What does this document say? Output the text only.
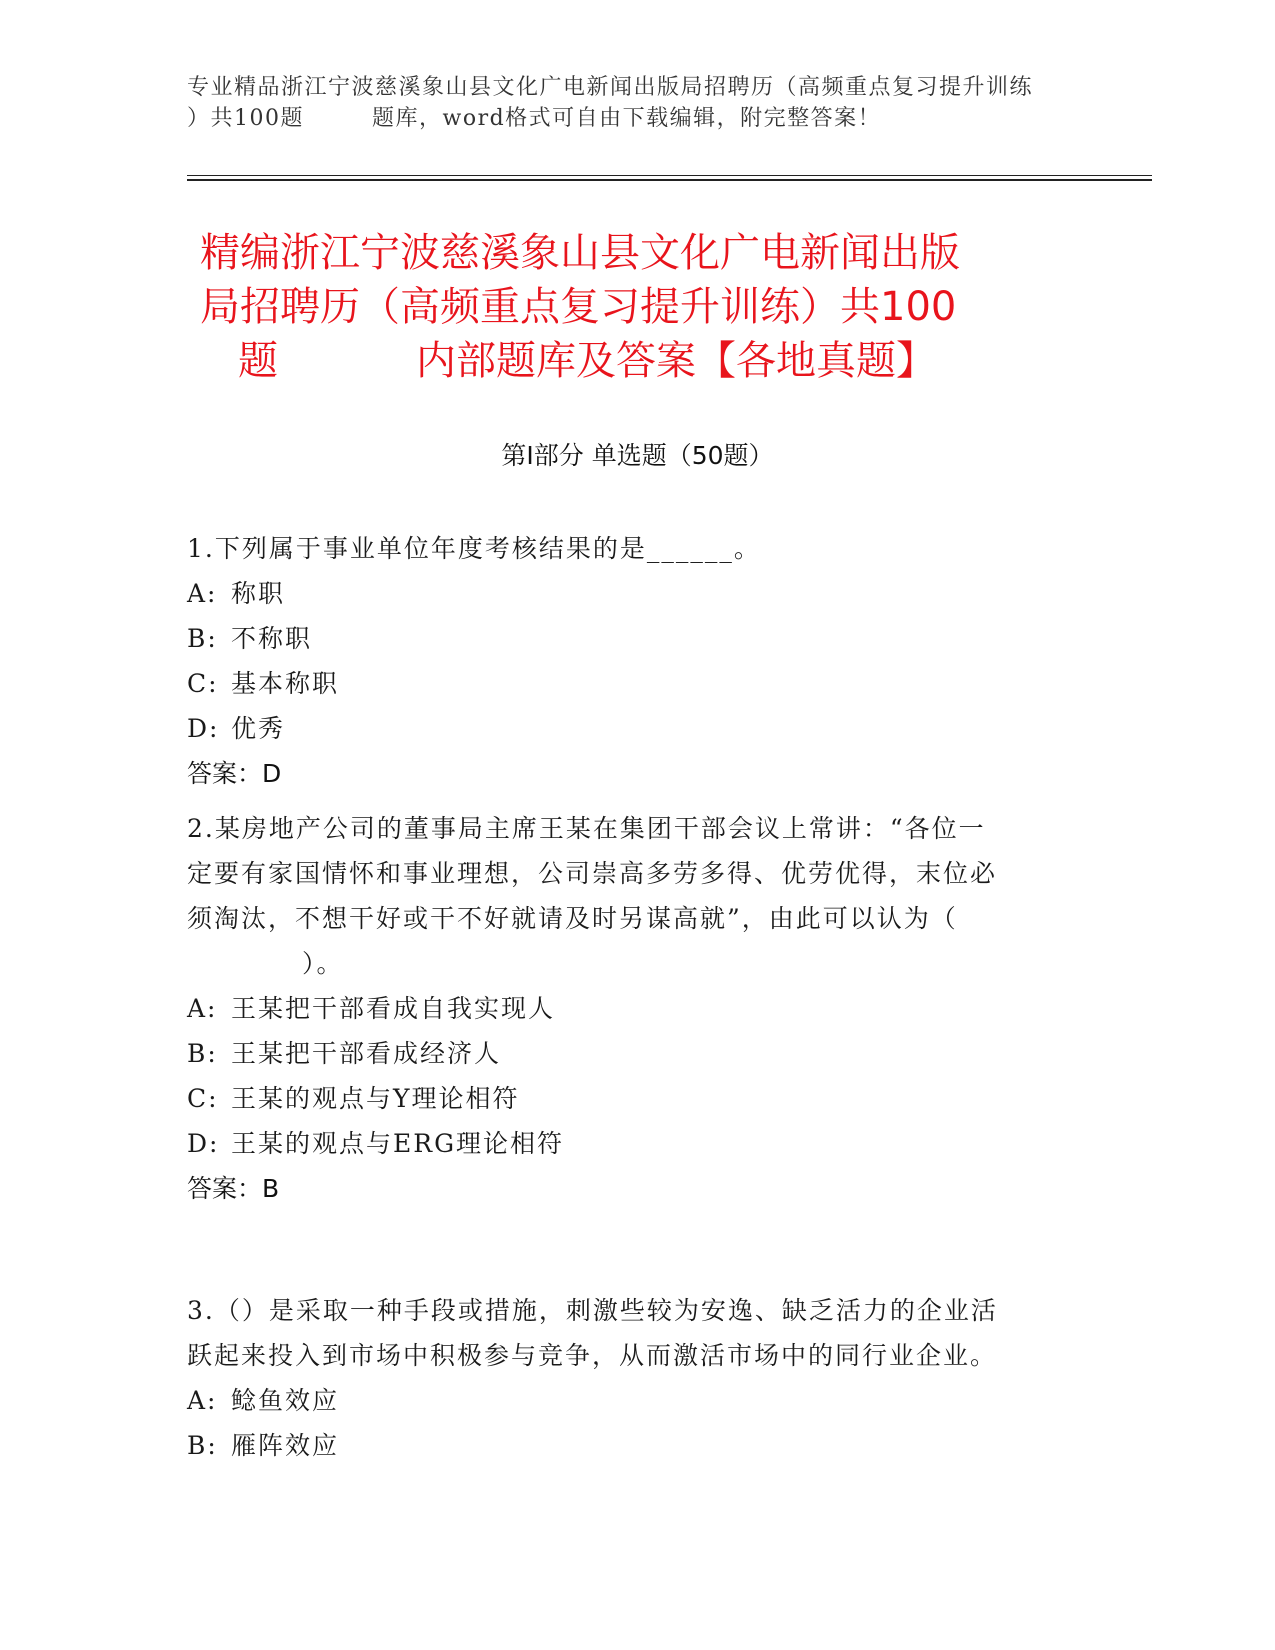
专业精品浙江宁波慈溪象山县文化广电新闻出版局招聘历（高频重点复习提升训练
）共100题	题库，word格式可自由下载编辑，附完整答案！
精编浙江宁波慈溪象山县文化广电新闻出版
局招聘历（高频重点复习提升训练）共100
题	内部题库及答案【各地真题】
第Ⅰ部分 单选题（50题）
1.下列属于事业单位年度考核结果的是______。
A: 称职
B: 不称职
C: 基本称职
D: 优秀
答案：D
2.某房地产公司的董事局主席王某在集团干部会议上常讲：“各位一
定要有家国情怀和事业理想，公司崇高多劳多得、优劳优得，末位必
须淘汰，不想干好或干不好就请及时另谋高就”，由此可以认为（
）。
A: 王某把干部看成自我实现人
B: 王某把干部看成经济人
C: 王某的观点与Y理论相符
D: 王某的观点与ERG理论相符
答案：B
3.（）是采取一种手段或措施，刺激些较为安逸、缺乏活力的企业活
跃起来投入到市场中积极参与竞争，从而激活市场中的同行业企业。
A: 鲶鱼效应
B: 雁阵效应
